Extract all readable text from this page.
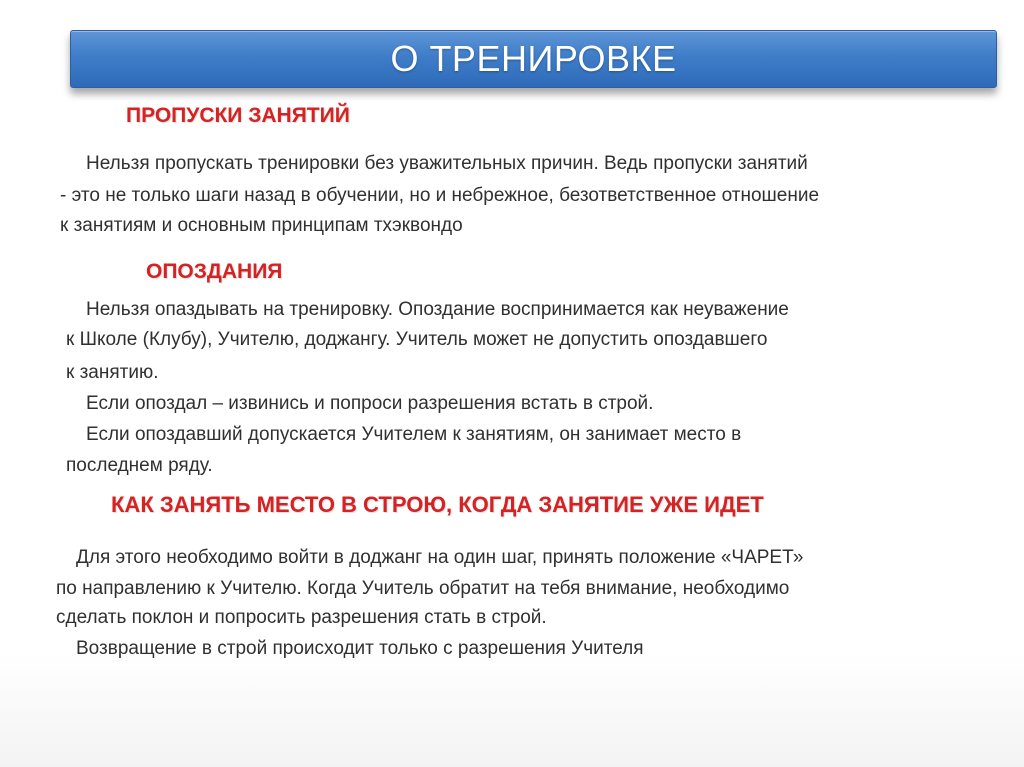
О ТРЕНИРОВКЕ
ПРОПУСКИ ЗАНЯТИЙ
Нельзя пропускать тренировки без уважительных причин. Ведь пропуски занятий
- это не только шаги назад в обучении, но и небрежное, безответственное отношение
к занятиям и основным принципам тхэквондо
ОПОЗДАНИЯ
Нельзя опаздывать на тренировку. Опоздание воспринимается как неуважение
к Школе (Клубу), Учителю, доджангу. Учитель может не допустить опоздавшего
к занятию.
Если опоздал – извинись и попроси разрешения встать в строй.
Если опоздавший допускается Учителем к занятиям, он занимает место в
последнем ряду.
КАК ЗАНЯТЬ МЕСТО В СТРОЮ, КОГДА ЗАНЯТИЕ УЖЕ ИДЕТ
Для этого необходимо войти в доджанг на один шаг, принять положение «ЧАРЕТ»
по направлению к Учителю. Когда Учитель обратит на тебя внимание, необходимо
сделать поклон и попросить разрешения стать в строй.
Возвращение в строй происходит только с разрешения Учителя
